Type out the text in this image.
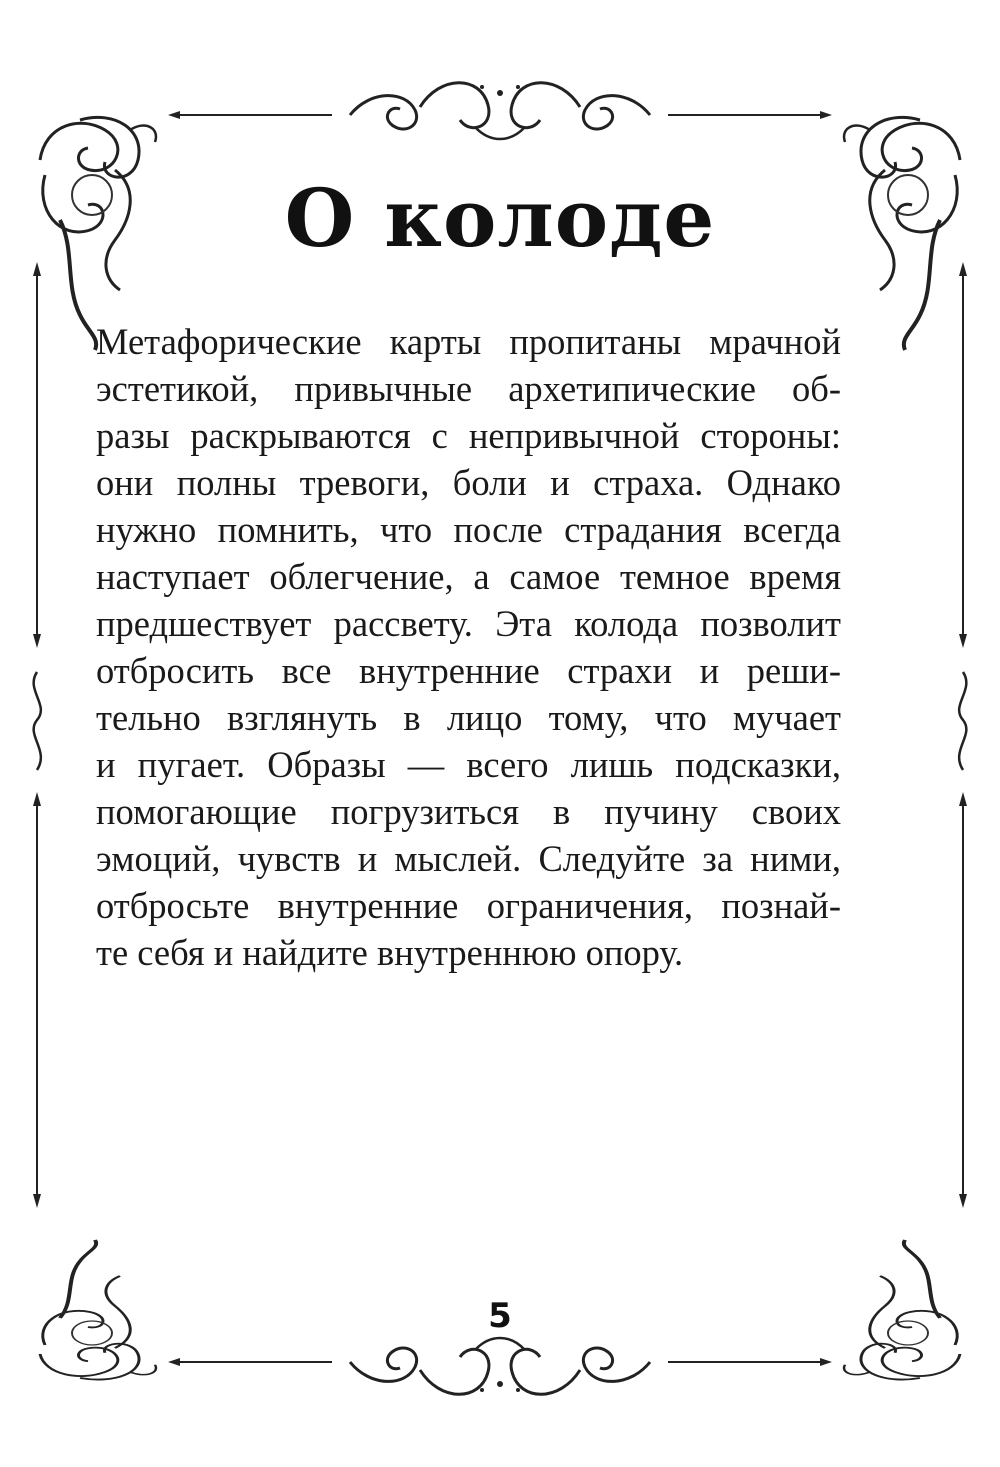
О колоде
Метафорические карты пропитаны мрачной
эстетикой, привычные архетипические об-
разы раскрываются с непривычной стороны:
они полны тревоги, боли и страха. Однако
нужно помнить, что после страдания всегда
наступает облегчение, а самое темное время
предшествует рассвету. Эта колода позволит
отбросить все внутренние страхи и реши-
тельно взглянуть в лицо тому, что мучает
и пугает. Образы — всего лишь подсказки,
помогающие погрузиться в пучину своих
эмоций, чувств и мыслей. Следуйте за ними,
отбросьте внутренние ограничения, познай-
те себя и найдите внутреннюю опору.
5
